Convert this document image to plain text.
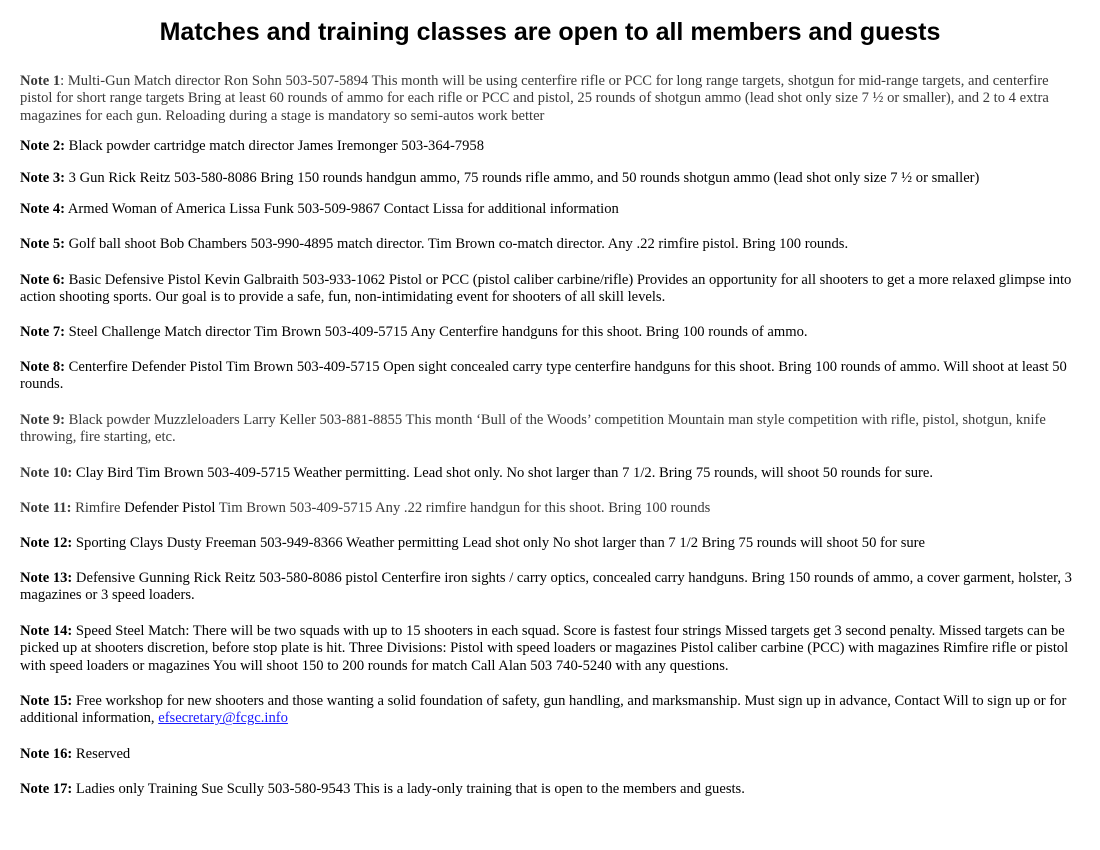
Matches and training classes are open to all members and guests
Note 1: Multi-Gun Match director Ron Sohn 503-507-5894 This month will be using centerfire rifle or PCC for long range targets, shotgun for mid-range targets, and centerfire pistol for short range targets Bring at least 60 rounds of ammo for each rifle or PCC and pistol, 25 rounds of shotgun ammo (lead shot only size 7 ½ or smaller), and 2 to 4 extra magazines for each gun. Reloading during a stage is mandatory so semi-autos work better
Note 2: Black powder cartridge match director James Iremonger 503-364-7958
Note 3: 3 Gun Rick Reitz 503-580-8086 Bring 150 rounds handgun ammo, 75 rounds rifle ammo, and 50 rounds shotgun ammo (lead shot only size 7 ½ or smaller)
Note 4: Armed Woman of America Lissa Funk 503-509-9867 Contact Lissa for additional information
Note 5: Golf ball shoot Bob Chambers 503-990-4895 match director. Tim Brown co-match director. Any .22 rimfire pistol. Bring 100 rounds.
Note 6: Basic Defensive Pistol Kevin Galbraith 503-933-1062 Pistol or PCC (pistol caliber carbine/rifle) Provides an opportunity for all shooters to get a more relaxed glimpse into action shooting sports. Our goal is to provide a safe, fun, non-intimidating event for shooters of all skill levels.
Note 7: Steel Challenge Match director Tim Brown 503-409-5715 Any Centerfire handguns for this shoot. Bring 100 rounds of ammo.
Note 8: Centerfire Defender Pistol Tim Brown 503-409-5715 Open sight concealed carry type centerfire handguns for this shoot. Bring 100 rounds of ammo. Will shoot at least 50 rounds.
Note 9: Black powder Muzzleloaders Larry Keller 503-881-8855 This month ‘Bull of the Woods’ competition Mountain man style competition with rifle, pistol, shotgun, knife throwing, fire starting, etc.
Note 10: Clay Bird Tim Brown 503-409-5715 Weather permitting. Lead shot only. No shot larger than 7 1/2. Bring 75 rounds, will shoot 50 rounds for sure.
Note 11: Rimfire Defender Pistol Tim Brown 503-409-5715 Any .22 rimfire handgun for this shoot. Bring 100 rounds
Note 12: Sporting Clays Dusty Freeman 503-949-8366 Weather permitting Lead shot only No shot larger than 7 1/2 Bring 75 rounds will shoot 50 for sure
Note 13: Defensive Gunning Rick Reitz 503-580-8086 pistol Centerfire iron sights / carry optics, concealed carry handguns. Bring 150 rounds of ammo, a cover garment, holster, 3 magazines or 3 speed loaders.
Note 14: Speed Steel Match: There will be two squads with up to 15 shooters in each squad. Score is fastest four strings Missed targets get 3 second penalty. Missed targets can be picked up at shooters discretion, before stop plate is hit. Three Divisions: Pistol with speed loaders or magazines Pistol caliber carbine (PCC) with magazines Rimfire rifle or pistol with speed loaders or magazines You will shoot 150 to 200 rounds for match Call Alan 503 740-5240 with any questions.
Note 15: Free workshop for new shooters and those wanting a solid foundation of safety, gun handling, and marksmanship. Must sign up in advance, Contact Will to sign up or for additional information, efsecretary@fcgc.info
Note 16: Reserved
Note 17: Ladies only Training Sue Scully 503-580-9543 This is a lady-only training that is open to the members and guests.
